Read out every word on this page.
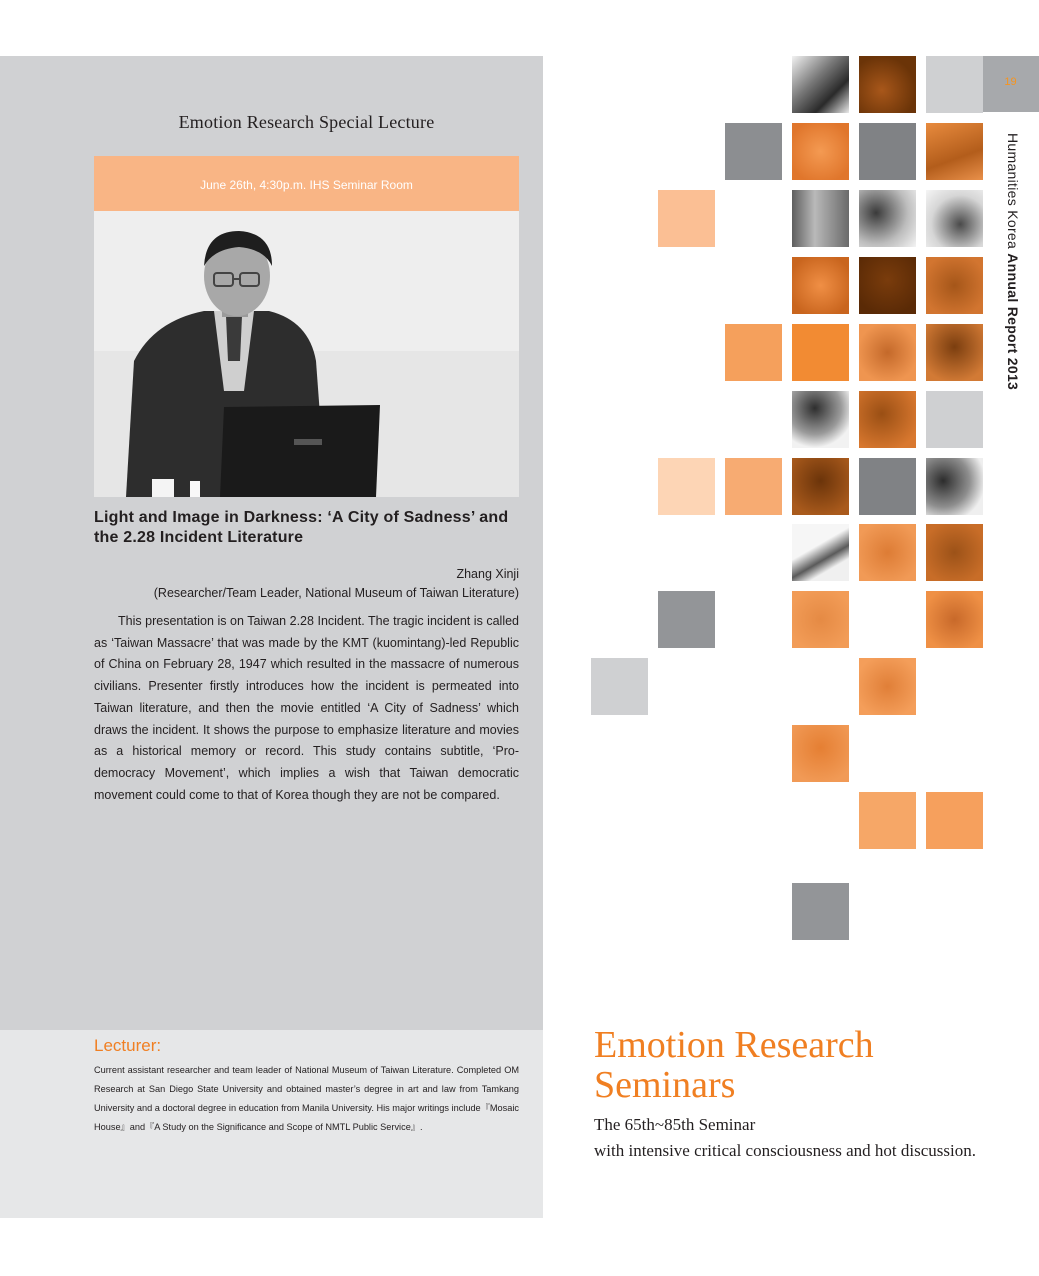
Emotion Research Special Lecture
June 26th, 4:30p.m. IHS Seminar Room
Light and Image in Darkness: ‘A City of Sadness’ and the 2.28 Incident Literature
Zhang Xinji
(Researcher/Team Leader, National Museum of Taiwan Literature)

This presentation is on Taiwan 2.28 Incident. The tragic incident is called as ‘Taiwan Massacre’ that was made by the KMT (kuomintang)-led Republic of China on February 28, 1947 which resulted in the massacre of numerous civilians. Presenter firstly introduces how the incident is permeated into Taiwan literature, and then the movie entitled ‘A City of Sadness’ which draws the incident. It shows the purpose to emphasize literature and movies as a historical memory or record. This study contains subtitle, ‘Pro-democracy Movement’, which implies a wish that Taiwan democratic movement could come to that of Korea though they are not be compared.

Lecturer:

Current assistant researcher and team leader of National Museum of Taiwan Literature. Completed OM Research at San Diego State University and obtained master’s degree in art and law from Tamkang University and a doctoral degree in education from Manila University. His major writings include『Mosaic House』and『A Study on the Significance and Scope of NMTL Public Service』.

19
Humanities Korea Annual Report 2013
Emotion Research Seminars
The 65th~85th Seminar
with intensive critical consciousness and hot discussion.
